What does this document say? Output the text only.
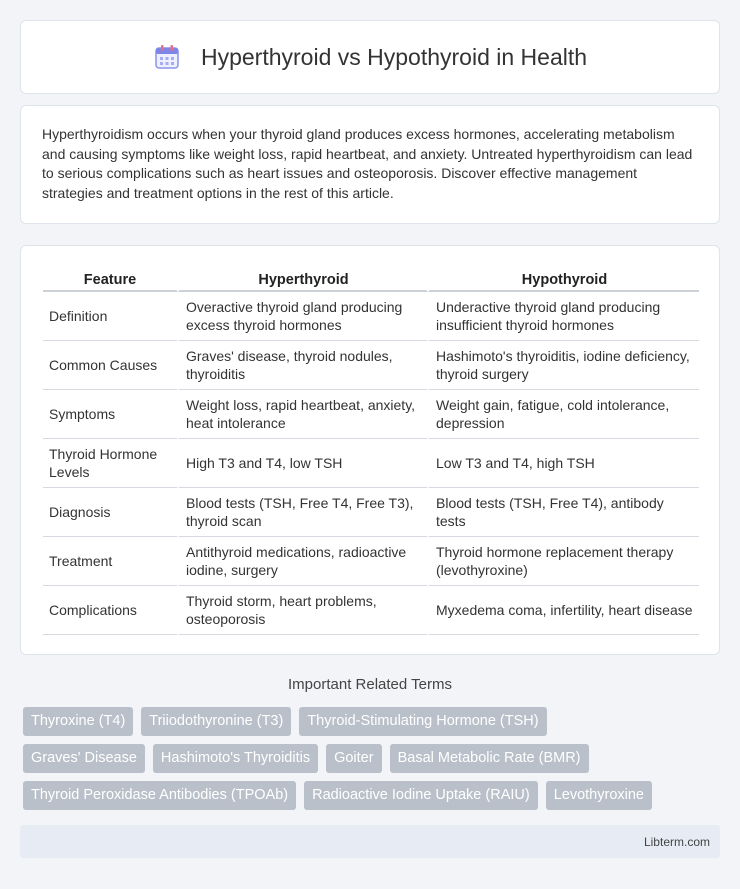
Hyperthyroid vs Hypothyroid in Health

Hyperthyroidism occurs when your thyroid gland produces excess hormones, accelerating metabolism and causing symptoms like weight loss, rapid heartbeat, and anxiety. Untreated hyperthyroidism can lead to serious complications such as heart issues and osteoporosis. Discover effective management strategies and treatment options in the rest of this article.

Feature	Hyperthyroid	Hypothyroid
Definition	Overactive thyroid gland producing excess thyroid hormones	Underactive thyroid gland producing insufficient thyroid hormones
Common Causes	Graves' disease, thyroid nodules, thyroiditis	Hashimoto's thyroiditis, iodine deficiency, thyroid surgery
Symptoms	Weight loss, rapid heartbeat, anxiety, heat intolerance	Weight gain, fatigue, cold intolerance, depression
Thyroid Hormone Levels	High T3 and T4, low TSH	Low T3 and T4, high TSH
Diagnosis	Blood tests (TSH, Free T4, Free T3), thyroid scan	Blood tests (TSH, Free T4), antibody tests
Treatment	Antithyroid medications, radioactive iodine, surgery	Thyroid hormone replacement therapy (levothyroxine)
Complications	Thyroid storm, heart problems, osteoporosis	Myxedema coma, infertility, heart disease
Important Related Terms
Thyroxine (T4)	Triiodothyronine (T3)	Thyroid-Stimulating Hormone (TSH)
Graves' Disease	Hashimoto's Thyroiditis	Goiter	Basal Metabolic Rate (BMR)
Thyroid Peroxidase Antibodies (TPOAb)	Radioactive Iodine Uptake (RAIU)	Levothyroxine
Libterm.com
